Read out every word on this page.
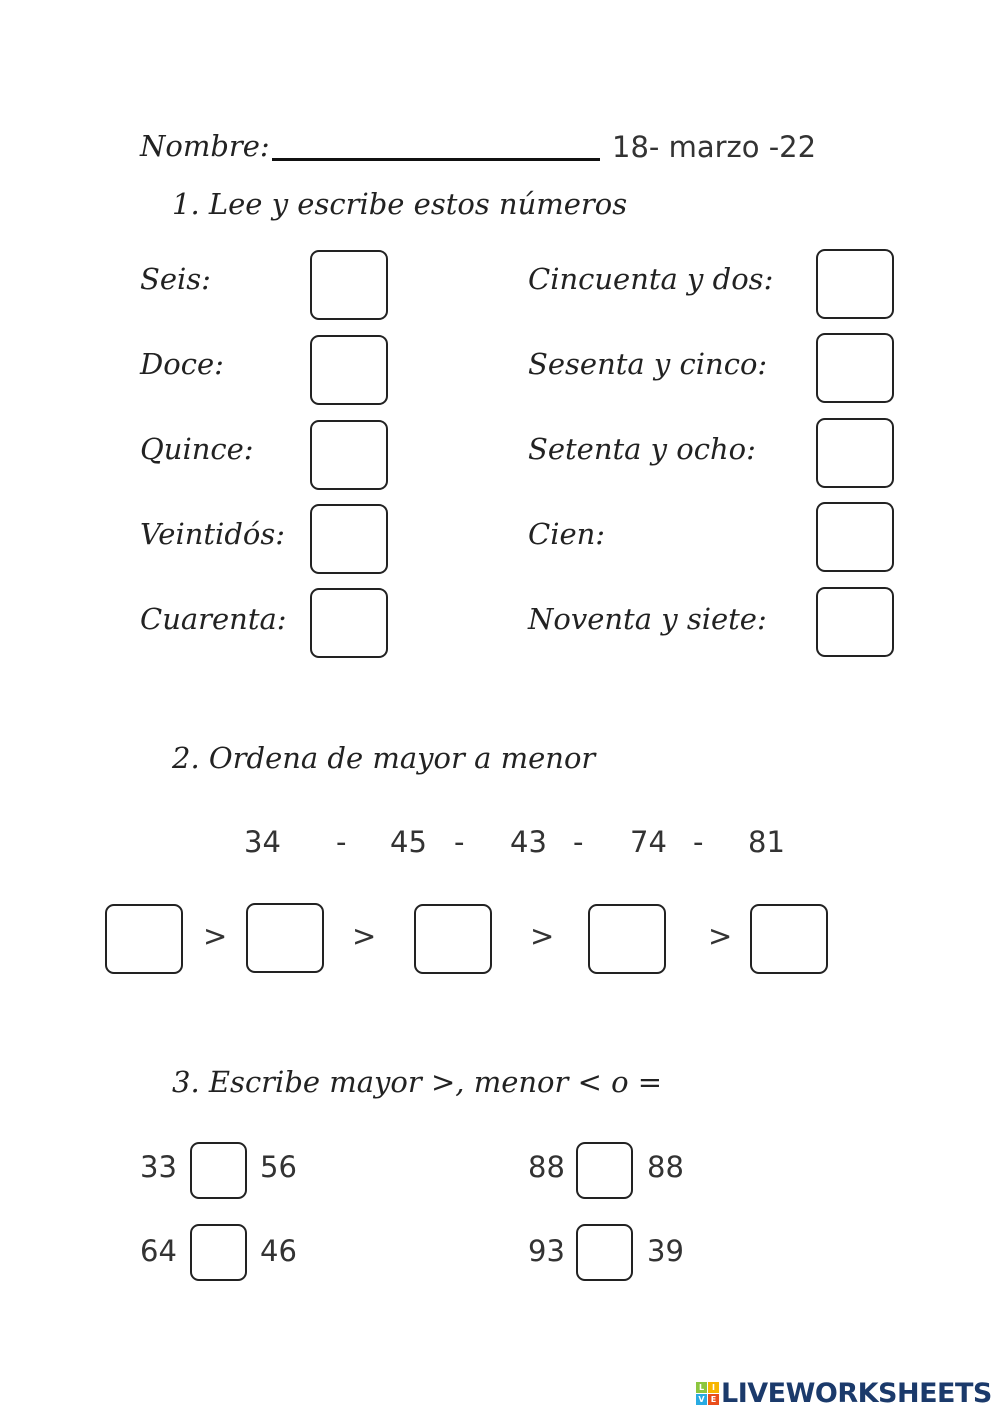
Nombre:	18- marzo -22
1. Lee y escribe estos números
Seis:
Doce:
Quince:
Veintidós:
Cuarenta:
Cincuenta y dos:
Sesenta y cinco:
Setenta y ocho:
Cien:
Noventa y siete:
2. Ordena de mayor a menor
34 - 45 - 43 - 74 - 81
>	>	>	>
3. Escribe mayor >, menor < o =
33	56	88	88
64	46	93	39
L I
V E LIVEWORKSHEETS
